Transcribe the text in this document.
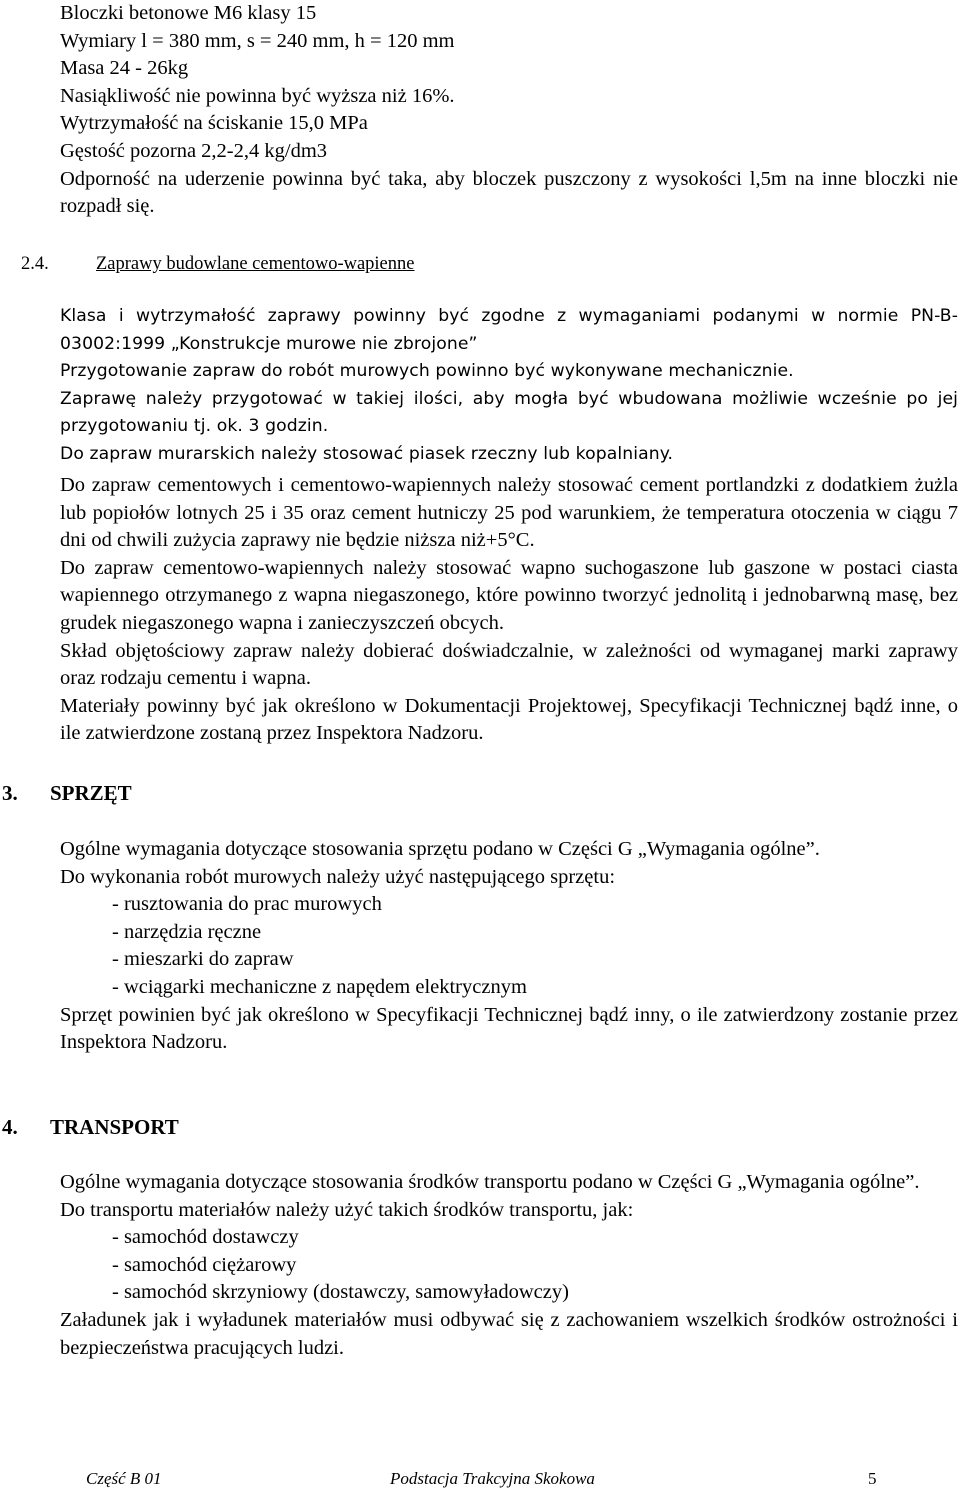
Bloczki betonowe M6 klasy 15

Wymiary l = 380 mm, s = 240 mm, h = 120 mm

Masa 24 - 26kg

Nasiąkliwość nie powinna być wyższa niż 16%.

Wytrzymałość na ściskanie 15,0 MPa

Gęstość pozorna 2,2-2,4 kg/dm3

Odporność na uderzenie powinna być taka, aby bloczek puszczony z wysokości l,5m na inne bloczki nie rozpadł się.

2.4.	Zaprawy budowlane cementowo-wapienne

Klasa i wytrzymałość zaprawy powinny być zgodne z wymaganiami podanymi w normie PN-B-03002:1999 „Konstrukcje murowe nie zbrojone”

Przygotowanie zapraw do robót murowych powinno być wykonywane mechanicznie.

Zaprawę należy przygotować w takiej ilości, aby mogła być wbudowana możliwie wcześnie po jej przygotowaniu tj. ok. 3 godzin.

Do zapraw murarskich należy stosować piasek rzeczny lub kopalniany.

Do zapraw cementowych i cementowo-wapiennych należy stosować cement portlandzki z dodatkiem żużla lub popiołów lotnych 25 i 35 oraz cement hutniczy 25 pod warunkiem, że temperatura otoczenia w ciągu 7 dni od chwili zużycia zaprawy nie będzie niższa niż+5°C.

Do zapraw cementowo-wapiennych należy stosować wapno suchogaszone lub gaszone w postaci ciasta wapiennego otrzymanego z wapna niegaszonego, które powinno tworzyć jednolitą i jednobarwną masę, bez grudek niegaszonego wapna i zanieczyszczeń obcych.

Skład objętościowy zapraw należy dobierać doświadczalnie, w zależności od wymaganej marki zaprawy oraz rodzaju cementu i wapna.

Materiały powinny być jak określono w Dokumentacji Projektowej, Specyfikacji Technicznej bądź inne, o ile zatwierdzone zostaną przez Inspektora Nadzoru.

3. SPRZĘT

Ogólne wymagania dotyczące stosowania sprzętu podano w Części G „Wymagania ogólne”.

Do wykonania robót murowych należy użyć następującego sprzętu:

- rusztowania do prac murowych
- narzędzia ręczne
- mieszarki do zapraw
- wciągarki mechaniczne z napędem elektrycznym

Sprzęt powinien być jak określono w Specyfikacji Technicznej bądź inny, o ile zatwierdzony zostanie przez Inspektora Nadzoru.

4. TRANSPORT

Ogólne wymagania dotyczące stosowania środków transportu podano w Części G „Wymagania ogólne”.

Do transportu materiałów należy użyć takich środków transportu, jak:

- samochód dostawczy
- samochód ciężarowy
- samochód skrzyniowy (dostawczy, samowyładowczy)

Załadunek jak i wyładunek materiałów musi odbywać się z zachowaniem wszelkich środków ostrożności i bezpieczeństwa pracujących ludzi.

Część B 01	Podstacja Trakcyjna Skokowa	5
